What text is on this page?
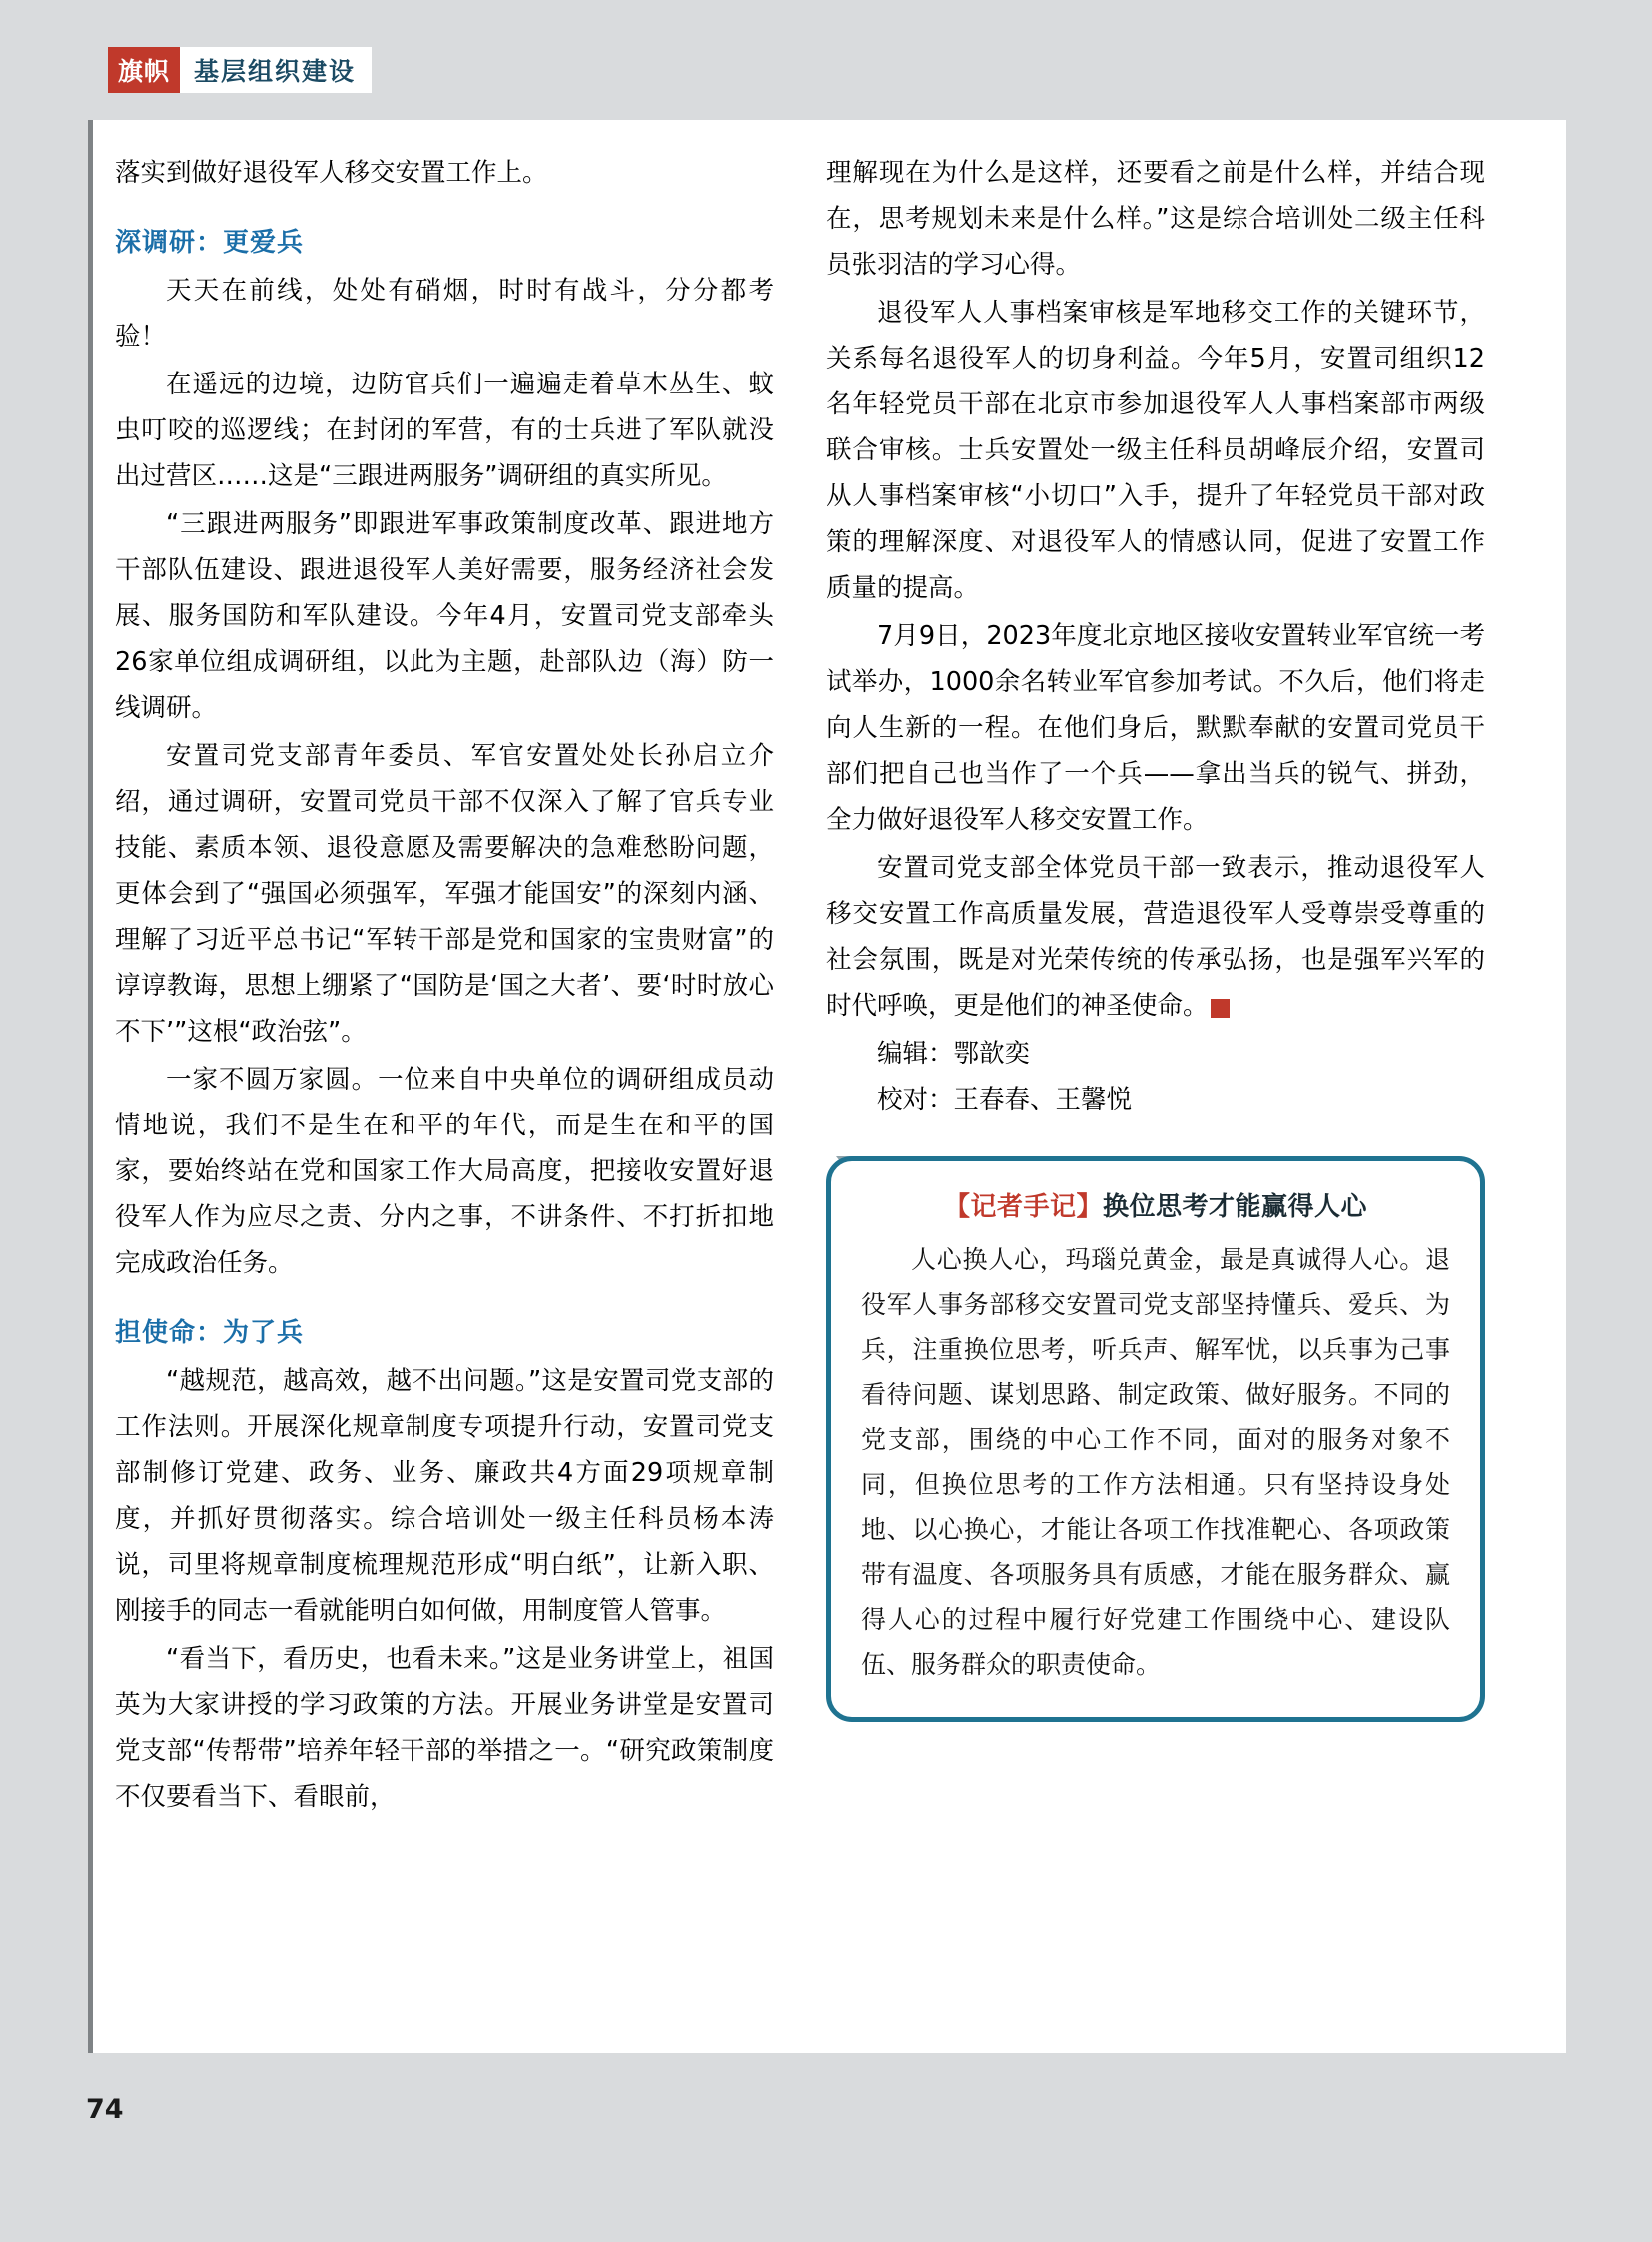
旗帜 基层组织建设

落实到做好退役军人移交安置工作上。

深调研：更爱兵

天天在前线，处处有硝烟，时时有战斗，分分都考验！

在遥远的边境，边防官兵们一遍遍走着草木丛生、蚊虫叮咬的巡逻线；在封闭的军营，有的士兵进了军队就没出过营区……这是“三跟进两服务”调研组的真实所见。

“三跟进两服务”即跟进军事政策制度改革、跟进地方干部队伍建设、跟进退役军人美好需要，服务经济社会发展、服务国防和军队建设。今年4月，安置司党支部牵头26家单位组成调研组，以此为主题，赴部队边（海）防一线调研。

安置司党支部青年委员、军官安置处处长孙启立介绍，通过调研，安置司党员干部不仅深入了解了官兵专业技能、素质本领、退役意愿及需要解决的急难愁盼问题，更体会到了“强国必须强军，军强才能国安”的深刻内涵、理解了习近平总书记“军转干部是党和国家的宝贵财富”的谆谆教诲，思想上绷紧了“国防是‘国之大者’、要‘时时放心不下’”这根“政治弦”。

一家不圆万家圆。一位来自中央单位的调研组成员动情地说，我们不是生在和平的年代，而是生在和平的国家，要始终站在党和国家工作大局高度，把接收安置好退役军人作为应尽之责、分内之事，不讲条件、不打折扣地完成政治任务。

担使命：为了兵

“越规范，越高效，越不出问题。”这是安置司党支部的工作法则。开展深化规章制度专项提升行动，安置司党支部制修订党建、政务、业务、廉政共4方面29项规章制度，并抓好贯彻落实。综合培训处一级主任科员杨本涛说，司里将规章制度梳理规范形成“明白纸”，让新入职、刚接手的同志一看就能明白如何做，用制度管人管事。

“看当下，看历史，也看未来。”这是业务讲堂上，祖国英为大家讲授的学习政策的方法。开展业务讲堂是安置司党支部“传帮带”培养年轻干部的举措之一。“研究政策制度不仅要看当下、看眼前，

理解现在为什么是这样，还要看之前是什么样，并结合现在，思考规划未来是什么样。”这是综合培训处二级主任科员张羽洁的学习心得。

退役军人人事档案审核是军地移交工作的关键环节，关系每名退役军人的切身利益。今年5月，安置司组织12名年轻党员干部在北京市参加退役军人人事档案部市两级联合审核。士兵安置处一级主任科员胡峰辰介绍，安置司从人事档案审核“小切口”入手，提升了年轻党员干部对政策的理解深度、对退役军人的情感认同，促进了安置工作质量的提高。

7月9日，2023年度北京地区接收安置转业军官统一考试举办，1000余名转业军官参加考试。不久后，他们将走向人生新的一程。在他们身后，默默奉献的安置司党员干部们把自己也当作了一个兵——拿出当兵的锐气、拼劲，全力做好退役军人移交安置工作。

安置司党支部全体党员干部一致表示，推动退役军人移交安置工作高质量发展，营造退役军人受尊崇受尊重的社会氛围，既是对光荣传统的传承弘扬，也是强军兴军的时代呼唤，更是他们的神圣使命。	旗

编辑：鄂歆奕

校对：王春春、王馨悦

【记者手记】换位思考才能赢得人心

人心换人心，玛瑙兑黄金，最是真诚得人心。退役军人事务部移交安置司党支部坚持懂兵、爱兵、为兵，注重换位思考，听兵声、解军忧，以兵事为己事看待问题、谋划思路、制定政策、做好服务。不同的党支部，围绕的中心工作不同，面对的服务对象不同，但换位思考的工作方法相通。只有坚持设身处地、以心换心，才能让各项工作找准靶心、各项政策带有温度、各项服务具有质感，才能在服务群众、赢得人心的过程中履行好党建工作围绕中心、建设队伍、服务群众的职责使命。

74
